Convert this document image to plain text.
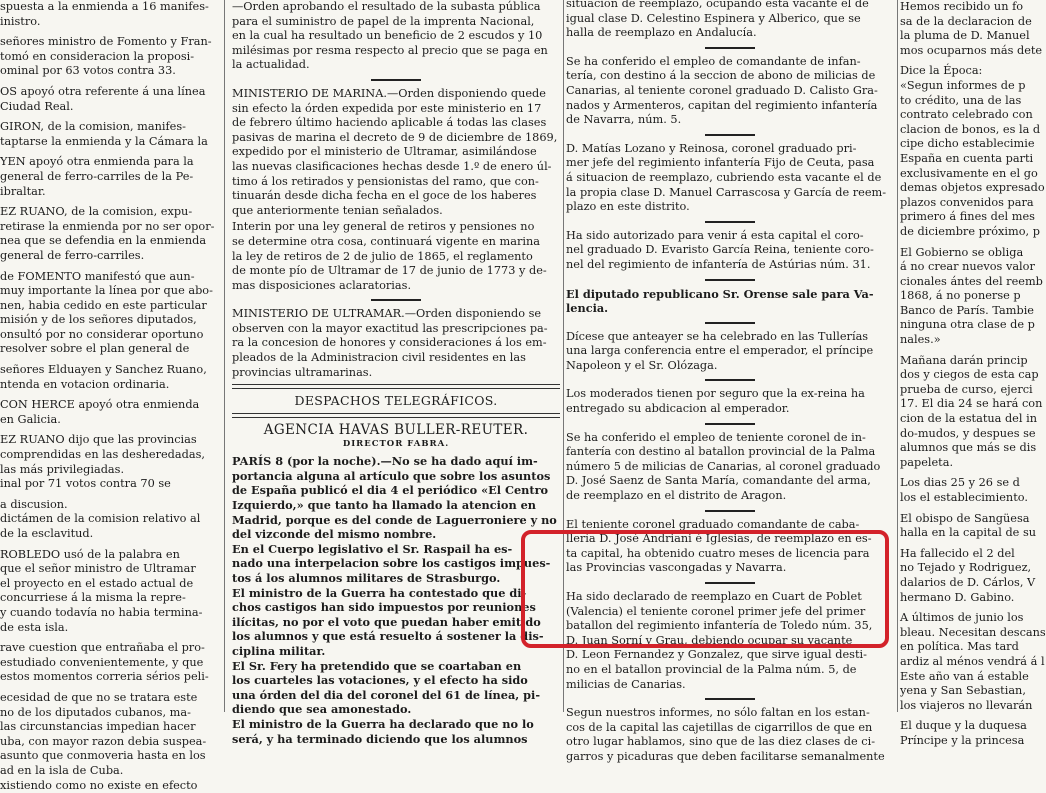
spuesta a la enmienda a 16 manifes-
inistro.
señores ministro de Fomento y Fran-
tomó en consideracion la proposi-
ominal por 63 votos contra 33.
OS apoyó otra referente á una línea
Ciudad Real.
GIRON, de la comision, manifes-
taptarse la enmienda y la Cámara la
YEN apoyó otra enmienda para la
general de ferro-carriles de la Pe-
ibraltar.
EZ RUANO, de la comision, expu-
retirase la enmienda por no ser opor-
nea que se defendia en la enmienda
general de ferro-carriles.
de FOMENTO manifestó que aun-
muy importante la línea por que abo-
nen, habia cedido en este particular
misión y de los señores diputados,
onsultó por no considerar oportuno
resolver sobre el plan general de
señores Elduayen y Sanchez Ruano,
ntenda en votacion ordinaria.
CON HERCE apoyó otra enmienda
en Galicia.
EZ RUANO dijo que las provincias
comprendidas en las desheredadas,
las más privilegiadas.
inal por 71 votos contra 70 se
a discusion.
dictámen de la comision relativo al
de la esclavitud.
ROBLEDO usó de la palabra en
que el señor ministro de Ultramar
el proyecto en el estado actual de
concurriese á la misma la repre-
y cuando todavía no habia termina-
de esta isla.
rave cuestion que entrañaba el pro-
estudiado convenientemente, y que
estos momentos correria sérios peli-
ecesidad de que no se tratara este
no de los diputados cubanos, ma-
las circunstancias impedian hacer
uba, con mayor razon debia suspea-
asunto que conmoveria hasta en los
ad en la isla de Cuba.
xistiendo como no existe en efecto
—Orden aprobando el resultado de la subasta pública
para el suministro de papel de la imprenta Nacional,
en la cual ha resultado un beneficio de 2 escudos y 10
milésimas por resma respecto al precio que se paga en
la actualidad.
MINISTERIO DE MARINA.—Orden disponiendo quede
sin efecto la órden expedida por este ministerio en 17
de febrero último haciendo aplicable á todas las clases
pasivas de marina el decreto de 9 de diciembre de 1869,
expedido por el ministerio de Ultramar, asimilándose
las nuevas clasificaciones hechas desde 1.º de enero úl-
timo á los retirados y pensionistas del ramo, que con-
tinuarán desde dicha fecha en el goce de los haberes
que anteriormente tenian señalados.
Interin por una ley general de retiros y pensiones no
se determine otra cosa, continuará vigente en marina
la ley de retiros de 2 de julio de 1865, el reglamento
de monte pío de Ultramar de 17 de junio de 1773 y de-
mas disposiciones aclaratorias.
MINISTERIO DE ULTRAMAR.—Orden disponiendo se
observen con la mayor exactitud las prescripciones pa-
ra la concesion de honores y consideraciones á los em-
pleados de la Administracion civil residentes en las
provincias ultramarinas.
DESPACHOS TELEGRÁFICOS.
AGENCIA HAVAS BULLER-REUTER.
DIRECTOR FABRA.
PARÍS 8 (por la noche).—No se ha dado aquí im-
portancia alguna al artículo que sobre los asuntos
de España publicó el dia 4 el periódico «El Centro
Izquierdo,» que tanto ha llamado la atencion en
Madrid, porque es del conde de Laguerroniere y no
del vizconde del mismo nombre.
En el Cuerpo legislativo el Sr. Raspail ha es-
nado una interpelacion sobre los castigos impues-
tos á los alumnos militares de Strasburgo.
El ministro de la Guerra ha contestado que di-
chos castigos han sido impuestos por reuniones
ilícitas, no por el voto que puedan haber emitido
los alumnos y que está resuelto á sostener la dis-
ciplina militar.
El Sr. Fery ha pretendido que se coartaban en
los cuarteles las votaciones, y el efecto ha sido
una órden del dia del coronel del 61 de línea, pi-
diendo que sea amonestado.
El ministro de la Guerra ha declarado que no lo
será, y ha terminado diciendo que los alumnos
situacion de reemplazo, ocupando esta vacante el de
igual clase D. Celestino Espinera y Alberico, que se
halla de reemplazo en Andalucía.
Se ha conferido el empleo de comandante de infan-
tería, con destino á la seccion de abono de milicias de
Canarias, al teniente coronel graduado D. Calisto Gra-
nados y Armenteros, capitan del regimiento infantería
de Navarra, núm. 5.
D. Matías Lozano y Reinosa, coronel graduado pri-
mer jefe del regimiento infantería Fijo de Ceuta, pasa
á situacion de reemplazo, cubriendo esta vacante el de
la propia clase D. Manuel Carrascosa y García de reem-
plazo en este distrito.
Ha sido autorizado para venir á esta capital el coro-
nel graduado D. Evaristo García Reina, teniente coro-
nel del regimiento de infantería de Astúrias núm. 31.
El diputado republicano Sr. Orense sale para Va-
lencia.
Dícese que anteayer se ha celebrado en las Tullerías
una larga conferencia entre el emperador, el príncipe
Napoleon y el Sr. Olózaga.
Los moderados tienen por seguro que la ex-reina ha
entregado su abdicacion al emperador.
Se ha conferido el empleo de teniente coronel de in-
fantería con destino al batallon provincial de la Palma
número 5 de milicias de Canarias, al coronel graduado
D. José Saenz de Santa María, comandante del arma,
de reemplazo en el distrito de Aragon.
El teniente coronel graduado comandante de caba-
llería D. José Andriani é Iglesias, de reemplazo en es-
ta capital, ha obtenido cuatro meses de licencia para
las Provincias vascongadas y Navarra.
Ha sido declarado de reemplazo en Cuart de Poblet
(Valencia) el teniente coronel primer jefe del primer
batallon del regimiento infantería de Toledo núm. 35,
D. Juan Sorní y Grau, debiendo ocupar su vacante
D. Leon Fernandez y Gonzalez, que sirve igual desti-
no en el batallon provincial de la Palma núm. 5, de
milicias de Canarias.
Segun nuestros informes, no sólo faltan en los estan-
cos de la capital las cajetillas de cigarrillos de que en
otro lugar hablamos, sino que de las diez clases de ci-
garros y picaduras que deben facilitarse semanalmente
Hemos recibido un fo
sa de la declaracion de
la pluma de D. Manuel
mos ocuparnos más dete
Dice la Época:
«Segun informes de p
to crédito, una de las
contrato celebrado con
clacion de bonos, es la d
cipe dicho establecimie
España en cuenta parti
exclusivamente en el go
demas objetos expresado
plazos convenidos para
primero á fines del mes
de diciembre próximo, p
El Gobierno se obliga
á no crear nuevos valor
cionales ántes del reemb
1868, á no ponerse p
Banco de París. Tambie
ninguna otra clase de p
nales.»
Mañana darán princip
dos y ciegos de esta cap
prueba de curso, ejerci
17. El dia 24 se hará con
cion de la estatua del in
do-mudos, y despues se
alumnos que más se dis
papeleta.
Los dias 25 y 26 se d
los el establecimiento.
El obispo de Sangüesa
halla en la capital de su
Ha fallecido el 2 del
no Tejado y Rodriguez,
dalarios de D. Cárlos, V
hermano D. Gabino.
A últimos de junio los
bleau. Necesitan descans
en política. Mas tard
ardiz al ménos vendrá á l
Este año van á estable
yena y San Sebastian,
los viajeros no llevarán
El duque y la duquesa
Príncipe y la princesa
